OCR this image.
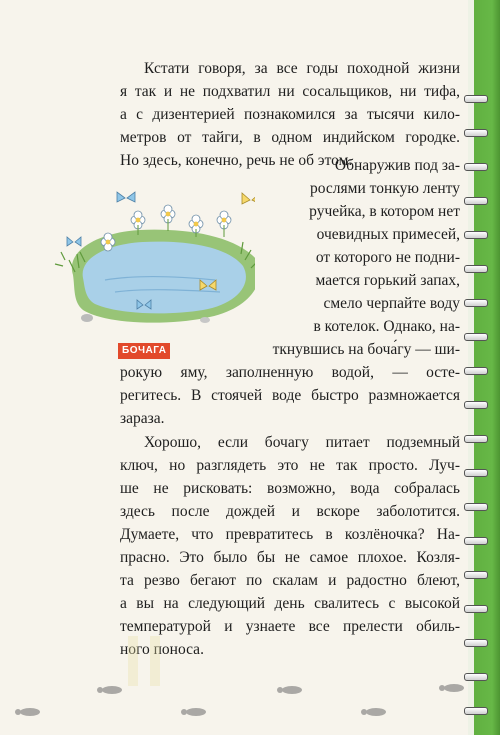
Кстати говоря, за все годы походной жизни
я так и не подхватил ни сосальщиков, ни тифа,
а с дизентерией познакомился за тысячи кило-
метров от тайги, в одном индийском городке.
Но здесь, конечно, речь не об этом.
Обнаружив под за-
рослями тонкую ленту
ручейка, в котором нет
очевидных примесей,
от которого не подни-
мается горький запах,
смело черпайте воду
в котелок. Однако, на-
БОЧАГА	ткнувшись на боча́гу — ши-
рокую яму, заполненную водой, — осте-
регитесь. В стоячей воде быстро размножается
зараза.
Хорошо, если бочагу питает подземный
ключ, но разглядеть это не так просто. Луч-
ше не рисковать: возможно, вода собралась
здесь после дождей и вскоре заболотится.
Думаете, что превратитесь в козлёночка? На-
прасно. Это было бы не самое плохое. Козля-
та резво бегают по скалам и радостно блеют,
а вы на следующий день свалитесь с высокой
температурой и узнаете все прелести обиль-
ного поноса.
